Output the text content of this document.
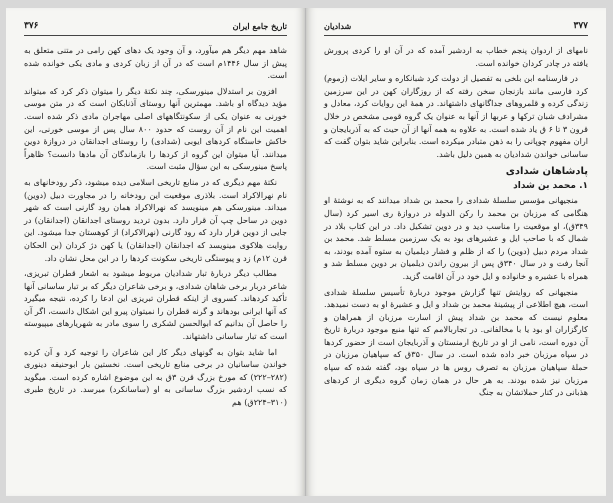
تاریخ جامع ایران
۳۷۶

شاهد مهم دیگر هم میآورد، و آن وجود یک دهای کهن رامی در متنی متعلق به پیش از سال ۱۴۴۶م است که در آن از زبان کردی و مادی یکی خوانده شده است.

افزون بر استدلال مینورسکی، چند نکتهٔ دیگر را میتوان ذکر کرد که میتواند مؤید دیدگاه او باشد. مهمترین آنها روستای آذنابکان است که در متن موسی خورنی به عنوان یکی از سکونتگاههای اصلی مهاجران مادی ذکر شده است. اهمیت این نام از آن روست که حدود ۸۰۰ سال پس از موسی خورنی، این خاکش خاستگاه کردهای ایوبی (شدادی) را روستای اجدانقان در دروازهٔ دوین میدانند. آیا میتوان این گروه از کردها را بازماندگان آن مادها دانست؟ ظاهراً پاسخ مینورسکی به این سؤال مثبت است.

نکتهٔ مهم دیگری که در منابع تاریخی اسلامی دیده میشود، ذکر رودخانهای به نام نهرالاکراد است. بلاذری موقعیت این رودخانه را در مجاورت دبیل (دوین) میداند. مینورسکی هم مینویسد که نهرالاکراد همان رود گارنی است که شهر دوین در ساحل چپ آن قرار دارد. بدون تردید روستای اجدانقان (اجدانقان) در جایی از دوین قرار دارد که رود گارنی (نهرالاکراد) از کوهستان جدا میشود. این روایت هلاکوی مینویسد که اجدانقان (اجدانقان) یا کهن دژ کردان (بن الحکان قرن ۱۲م) زد و پیوستگی تاریخی سکونت کردها را در این محل نشان داد.

مطالب دیگر دربارهٔ تبار شدادیان مربوط میشود به اشعار قطران تبریزی، شاعر دربار برخی شاهان شدادی، و برخی شاعران دیگر که بر تبار ساسانی آنها تأکید کردهاند. کسروی از اینکه قطران تبریزی این ادعا را کرده، نتیجه میگیرد که آنها ایرانی بودهاند و گرنه قطران را نمیتوان پیرو این اشکال دانست، اگر آن را حاصل آن بدانیم که ابوالحسن لشکری را سوی مادر به شهریارهای میپیوسته است که تبار ساسانی داشتهاند.

اما شاید بتوان به گونهای دیگر کار این شاعران را توجیه کرد و آن کرده خواندن ساسانیان در برخی منابع تاریخی است. نخستین بار ابوحنیفه دینوری (۲۸۲–۲۲۲) که مورخ بزرگ قرن ۳ق به این موضوع اشاره کرده است. میگوید که نسب اردشیر بزرگ ساسانی به او (ساسانکرد) میرسد. در تاریخ طبری (۳۱۰–۲۲۴ق) هم

۳۷۷
شدادیان

نامهای از اردوان پنجم خطاب به اردشیر آمده که در آن او را کردی پرورش یافته در چادر کردان خوانده است.

در فارسنامه ابن بلخی به تفصیل از دولت کرد شبانکاره و سایر ایلات (زموم) کرد فارسی مانند بازنجان سخن رفته که از روزگاران کهن در این سرزمین زندگی کرده و قلمروهای جداگانهای داشتهاند. در همهٔ این روایات کرد، معادل و مشرادف شبان ترکها و عربها از آنها به عنوان یک گروه قومی مشخص در خلال قرون ۳ تا ۶ ق یاد شده است. به علاوه به همه آنها از آن حیث که به آذربایجان و اران مفهوم چوپانی را به ذهن متبادر میکرده است. بنابراین شاید بتوان گفت که ساسانی خواندن شدادیان به همین دلیل باشد.

پادشاهان شدادی
۱. محمد بن شداد

منجیهانی مؤسس سلسلهٔ شدادی را محمد بن شداد میدانند که به نوشتهٔ او هنگامی که مرزبان بن محمد را رکن الدوله در دروازهٔ ری اسیر کرد (سال ۳۴۹ق)، او موقعیت را مناسب دید و در دوین تشکیل داد. در این کتاب بلاد در شمال که با صاحب ایل و عشیرهای بود به یک سرزمین مسلط شد. محمد بن شداد مردم دبیل (دوین) را که از ظلم و فشار دیلمیان به ستوه آمده بودند، به آنجا رفت و در سال ۳۴۰ق پس از بیرون راندن دیلمیان بر دوین مسلط شد و همراه با عشیره و خانواده و ایل خود در آن اقامت گزید.

منجیهانی که روایتش تنها گزارش موجود دربارهٔ تأسیس سلسلهٔ شدادی است، هیچ اطلاعی از پیشینهٔ محمد بن شداد و ایل و عشیرهٔ او به دست نمیدهد. معلوم نیست که محمد بن شداد پیش از اسارت مرزبان از همراهان و کارگزاران او بود یا با مخالفانی. در تجاربالامم که تنها منبع موجود دربارهٔ تاریخ آن دوره است، نامی از او در تاریخ ارمنستان و آذربایجان است از حضور کردها در سپاه مرزبان خبر داده شده است. در سال ۳۵۰ق که سپاهیان مرزبان در حملهٔ سپاهیان مرزبان به تصرف روس ها در سپاه بود، گفته شده که سپاه مرزبان نیز شده بودند. به هر حال در همان زمان گروه دیگری از کردهای هذبانی در کنار حملاتشان به جنگ
